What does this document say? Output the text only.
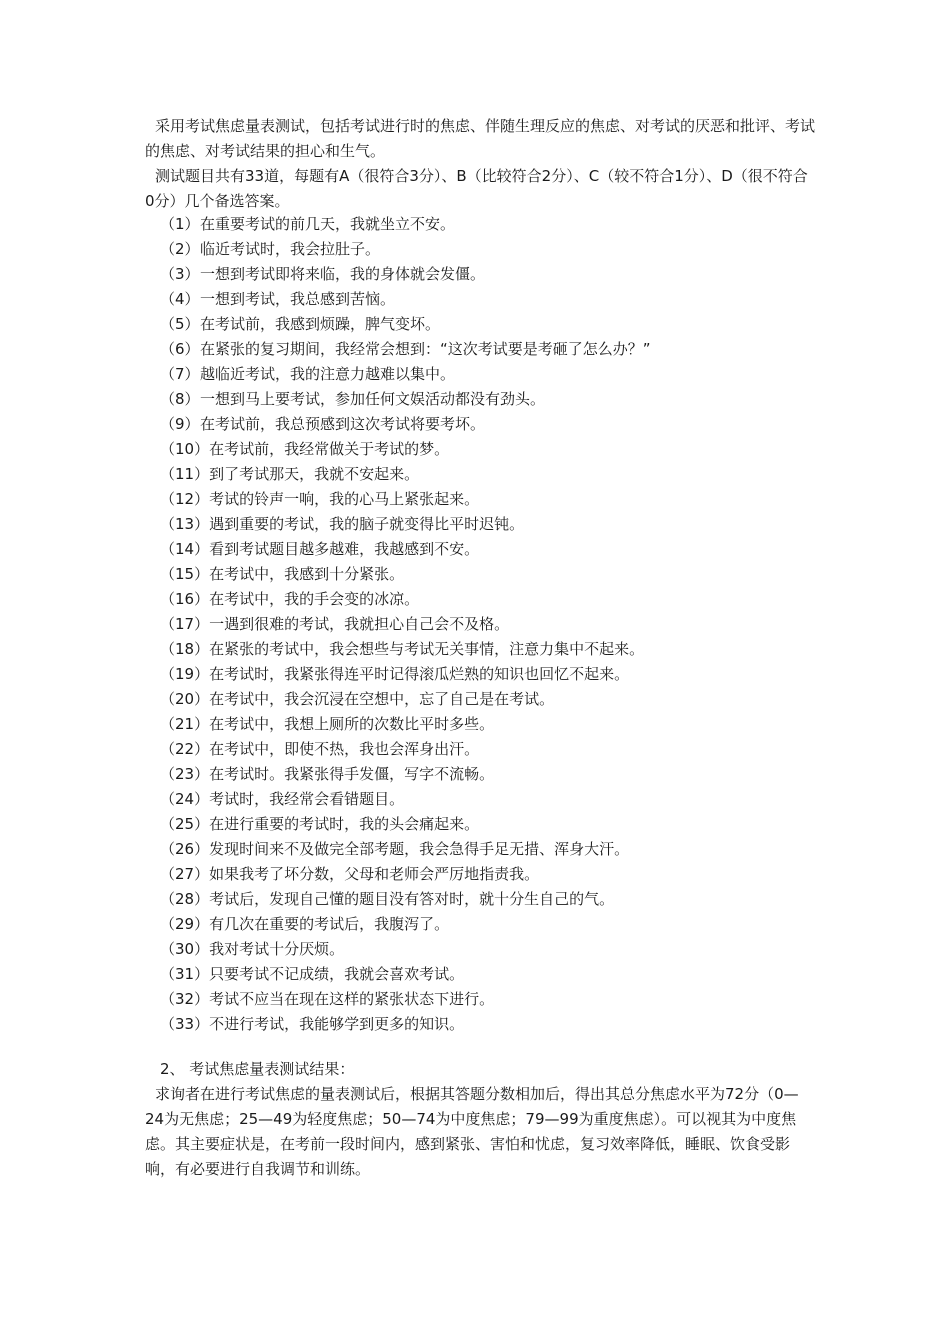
采用考试焦虑量表测试，包括考试进行时的焦虑、伴随生理反应的焦虑、对考试的厌恶和批评、考试的焦虑、对考试结果的担心和生气。

测试题目共有33道，每题有A（很符合3分）、B（比较符合2分）、C（较不符合1分）、D（很不符合0分）几个备选答案。

（1）在重要考试的前几天，我就坐立不安。
（2）临近考试时，我会拉肚子。
（3）一想到考试即将来临，我的身体就会发僵。
（4）一想到考试，我总感到苦恼。
（5）在考试前，我感到烦躁，脾气变坏。
（6）在紧张的复习期间，我经常会想到：“这次考试要是考砸了怎么办？”
（7）越临近考试，我的注意力越难以集中。
（8）一想到马上要考试，参加任何文娱活动都没有劲头。
（9）在考试前，我总预感到这次考试将要考坏。
（10）在考试前，我经常做关于考试的梦。
（11）到了考试那天，我就不安起来。
（12）考试的铃声一响，我的心马上紧张起来。
（13）遇到重要的考试，我的脑子就变得比平时迟钝。
（14）看到考试题目越多越难，我越感到不安。
（15）在考试中，我感到十分紧张。
（16）在考试中，我的手会变的冰凉。
（17）一遇到很难的考试，我就担心自己会不及格。
（18）在紧张的考试中，我会想些与考试无关事情，注意力集中不起来。
（19）在考试时，我紧张得连平时记得滚瓜烂熟的知识也回忆不起来。
（20）在考试中，我会沉浸在空想中，忘了自己是在考试。
（21）在考试中，我想上厕所的次数比平时多些。
（22）在考试中，即使不热，我也会浑身出汗。
（23）在考试时。我紧张得手发僵，写字不流畅。
（24）考试时，我经常会看错题目。
（25）在进行重要的考试时，我的头会痛起来。
（26）发现时间来不及做完全部考题，我会急得手足无措、浑身大汗。
（27）如果我考了坏分数，父母和老师会严厉地指责我。
（28）考试后，发现自己懂的题目没有答对时，就十分生自己的气。
（29）有几次在重要的考试后，我腹泻了。
（30）我对考试十分厌烦。
（31）只要考试不记成绩，我就会喜欢考试。
（32）考试不应当在现在这样的紧张状态下进行。
（33）不进行考试，我能够学到更多的知识。
2、 考试焦虑量表测试结果：

求询者在进行考试焦虑的量表测试后，根据其答题分数相加后，得出其总分焦虑水平为72分（0—24为无焦虑；25—49为轻度焦虑；50—74为中度焦虑；79—99为重度焦虑）。可以视其为中度焦虑。其主要症状是，在考前一段时间内，感到紧张、害怕和忧虑，复习效率降低，睡眠、饮食受影响，有必要进行自我调节和训练。
